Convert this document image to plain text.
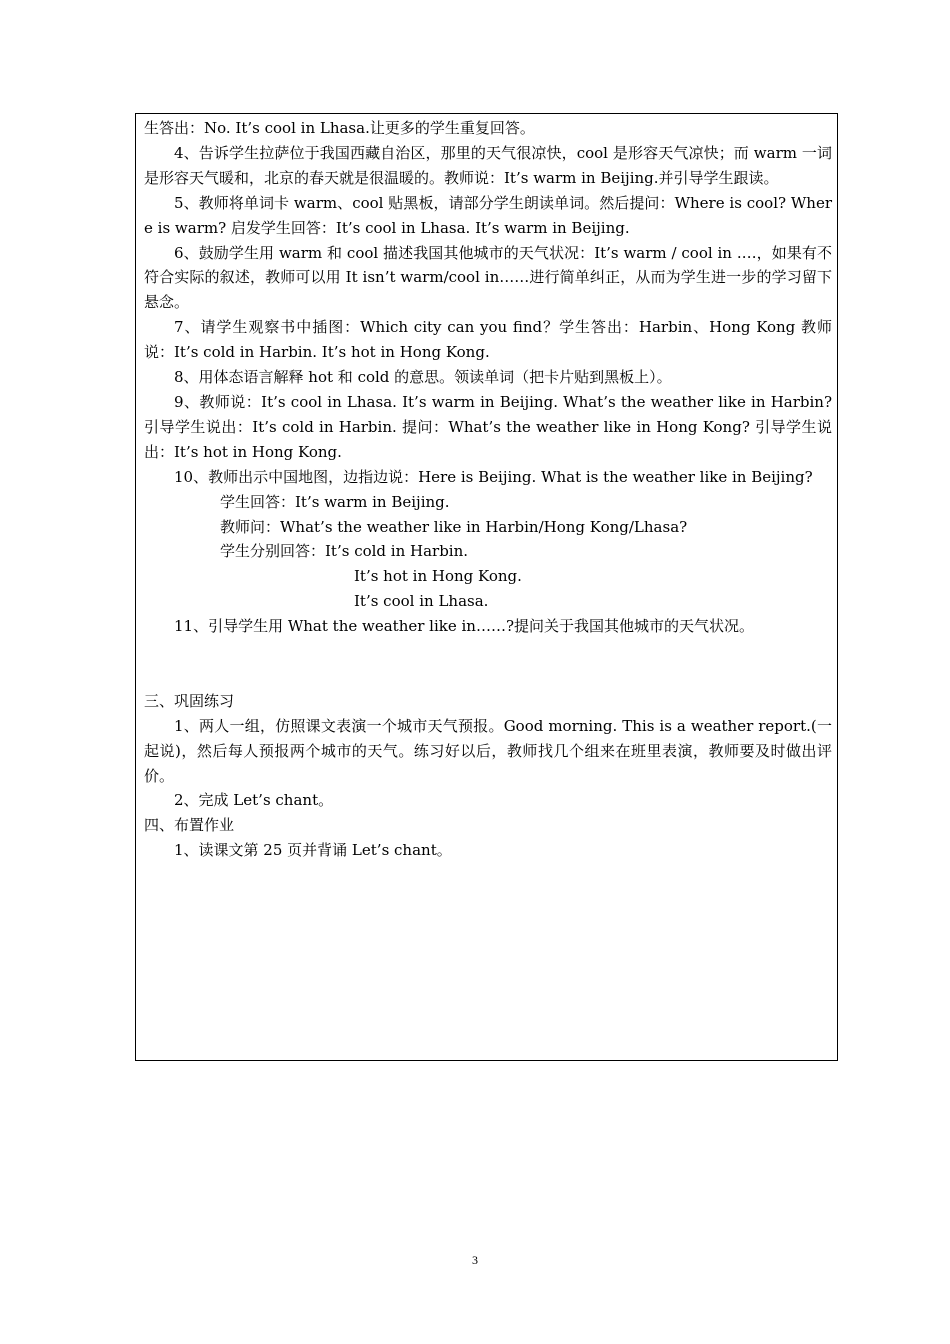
生答出：No. It’s cool in Lhasa.让更多的学生重复回答。

4、告诉学生拉萨位于我国西藏自治区，那里的天气很凉快，cool 是形容天气凉快；而 warm 一词是形容天气暖和，北京的春天就是很温暖的。教师说：It’s warm in Beijing.并引导学生跟读。

5、教师将单词卡 warm、cool 贴黑板，请部分学生朗读单词。然后提问：Where is cool? Where is warm? 启发学生回答：It’s cool in Lhasa. It’s warm in Beijing.

6、鼓励学生用 warm 和 cool 描述我国其他城市的天气状况：It’s warm / cool in .…，如果有不符合实际的叙述，教师可以用 It isn’t warm/cool in……进行简单纠正，从而为学生进一步的学习留下悬念。

7、请学生观察书中插图：Which city can you find？学生答出：Harbin、Hong Kong 教师说：It’s cold in Harbin. It’s hot in Hong Kong.

8、用体态语言解释 hot 和 cold 的意思。领读单词（把卡片贴到黑板上）。

9、教师说：It’s cool in Lhasa. It’s warm in Beijing. What’s the weather like in Harbin?引导学生说出：It’s cold in Harbin. 提问：What’s the weather like in Hong Kong? 引导学生说出：It’s hot in Hong Kong.

10、教师出示中国地图，边指边说：Here is Beijing. What is the weather like in Beijing?

学生回答：It’s warm in Beijing.

教师问：What’s the weather like in Harbin/Hong Kong/Lhasa?

学生分别回答：It’s cold in Harbin.

It’s hot in Hong Kong.

It’s cool in Lhasa.

11、引导学生用 What the weather like in……?提问关于我国其他城市的天气状况。

三、巩固练习

1、两人一组，仿照课文表演一个城市天气预报。Good morning. This is a weather report.(一起说)，然后每人预报两个城市的天气。练习好以后，教师找几个组来在班里表演，教师要及时做出评价。

2、完成 Let’s chant。

四、布置作业

1、读课文第 25 页并背诵 Let’s chant。

3
